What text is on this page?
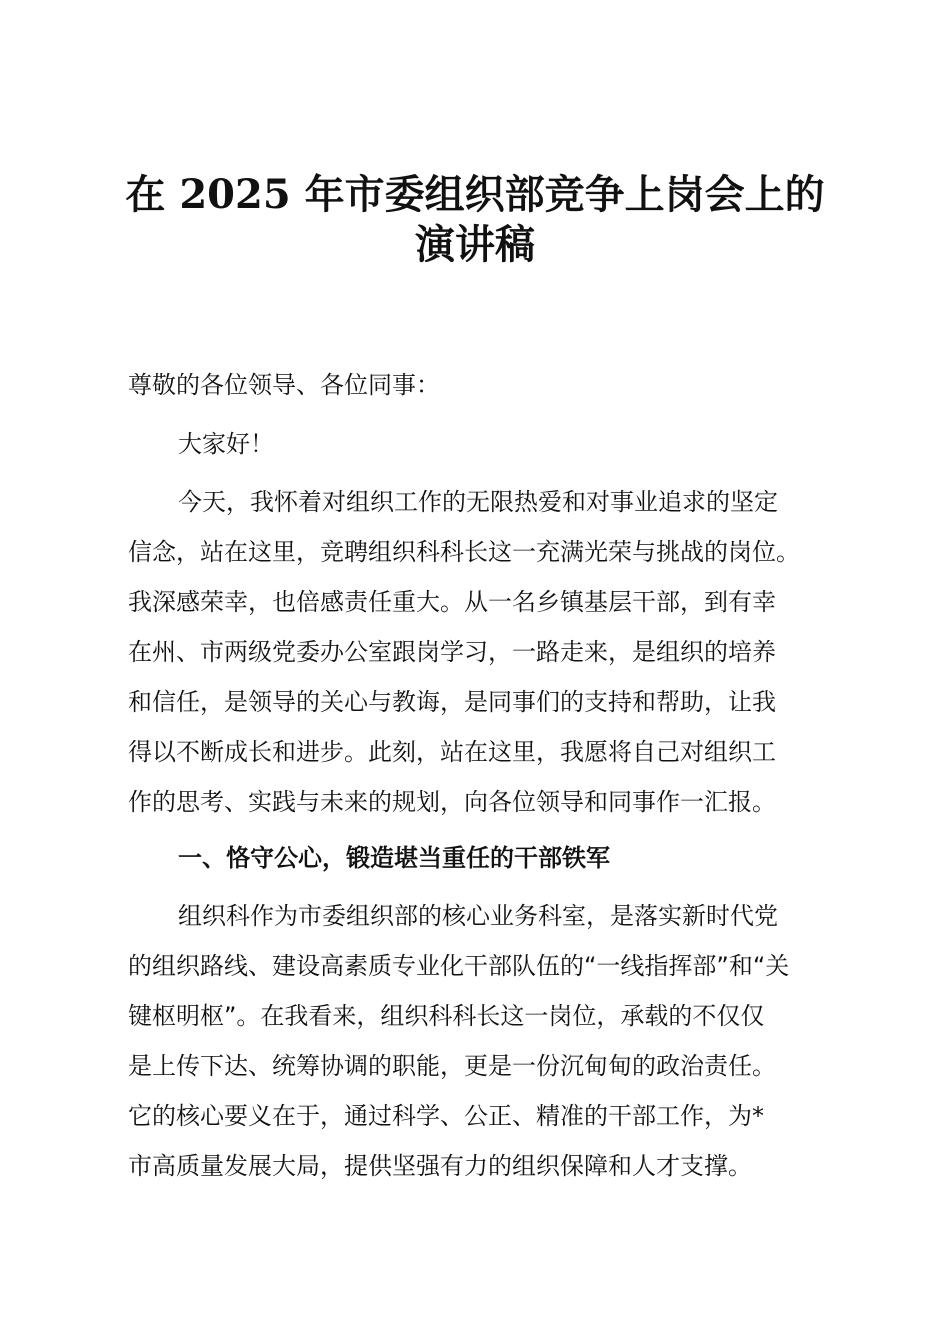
在 2025 年市委组织部竞争上岗会上的
演讲稿
尊敬的各位领导、各位同事：
大家好！
今天，我怀着对组织工作的无限热爱和对事业追求的坚定
信念，站在这里，竞聘组织科科长这一充满光荣与挑战的岗位。
我深感荣幸，也倍感责任重大。从一名乡镇基层干部，到有幸
在州、市两级党委办公室跟岗学习，一路走来，是组织的培养
和信任，是领导的关心与教诲，是同事们的支持和帮助，让我
得以不断成长和进步。此刻，站在这里，我愿将自己对组织工
作的思考、实践与未来的规划，向各位领导和同事作一汇报。
一、恪守公心，锻造堪当重任的干部铁军
组织科作为市委组织部的核心业务科室，是落实新时代党
的组织路线、建设高素质专业化干部队伍的“一线指挥部”和“关
键枢明枢”。在我看来，组织科科长这一岗位，承载的不仅仅
是上传下达、统筹协调的职能，更是一份沉甸甸的政治责任。
它的核心要义在于，通过科学、公正、精准的干部工作，为*
市高质量发展大局，提供坚强有力的组织保障和人才支撑。
